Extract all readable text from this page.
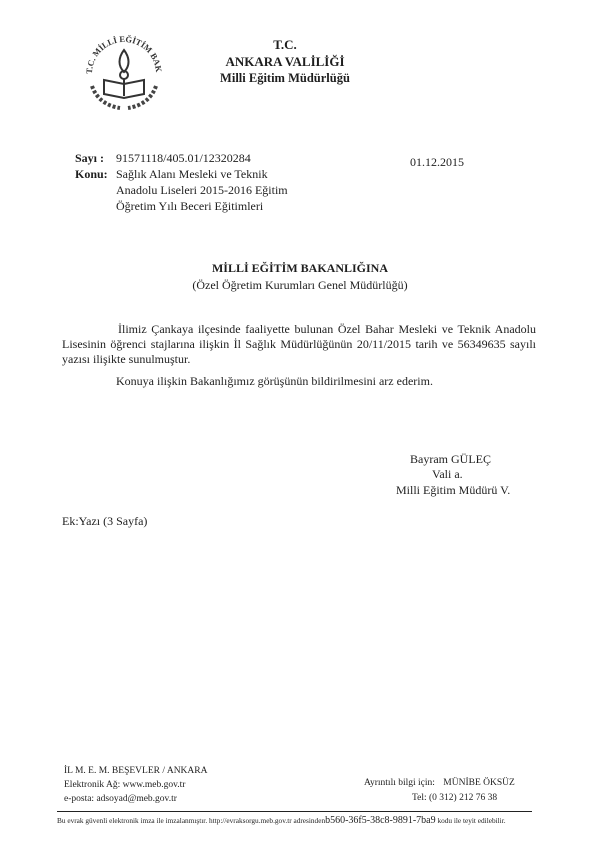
T.C. MİLLİ EĞİTİM BAK
T.C.
ANKARA VALİLİĞİ
Milli Eğitim Müdürlüğü
Sayı : 91571118/405.01/12320284
Konu: Sağlık Alanı Mesleki ve Teknik
Anadolu Liseleri 2015-2016 Eğitim
Öğretim Yılı Beceri Eğitimleri
01.12.2015
MİLLİ EĞİTİM BAKANLIĞINA
(Özel Öğretim Kurumları Genel Müdürlüğü)
İlimiz Çankaya ilçesinde faaliyette bulunan Özel Bahar Mesleki ve Teknik Anadolu Lisesinin öğrenci stajlarına ilişkin İl Sağlık Müdürlüğünün 20/11/2015 tarih ve 56349635 sayılı yazısı ilişikte sunulmuştur.
Konuya ilişkin Bakanlığımız görüşünün bildirilmesini arz ederim.
Bayram GÜLEÇ
Vali a.
Milli Eğitim Müdürü V.
Ek:Yazı (3 Sayfa)
İL M. E. M. BEŞEVLER / ANKARA
Elektronik Ağ: www.meb.gov.tr
e-posta: adsoyad@meb.gov.tr
Ayrıntılı bilgi için: MÜNİBE ÖKSÜZ
Tel: (0 312) 212 76 38
Bu evrak güvenli elektronik imza ile imzalanmıştır. http://evraksorgu.meb.gov.tr adresindenb560-36f5-38c8-9891-7ba9 kodu ile teyit edilebilir.
